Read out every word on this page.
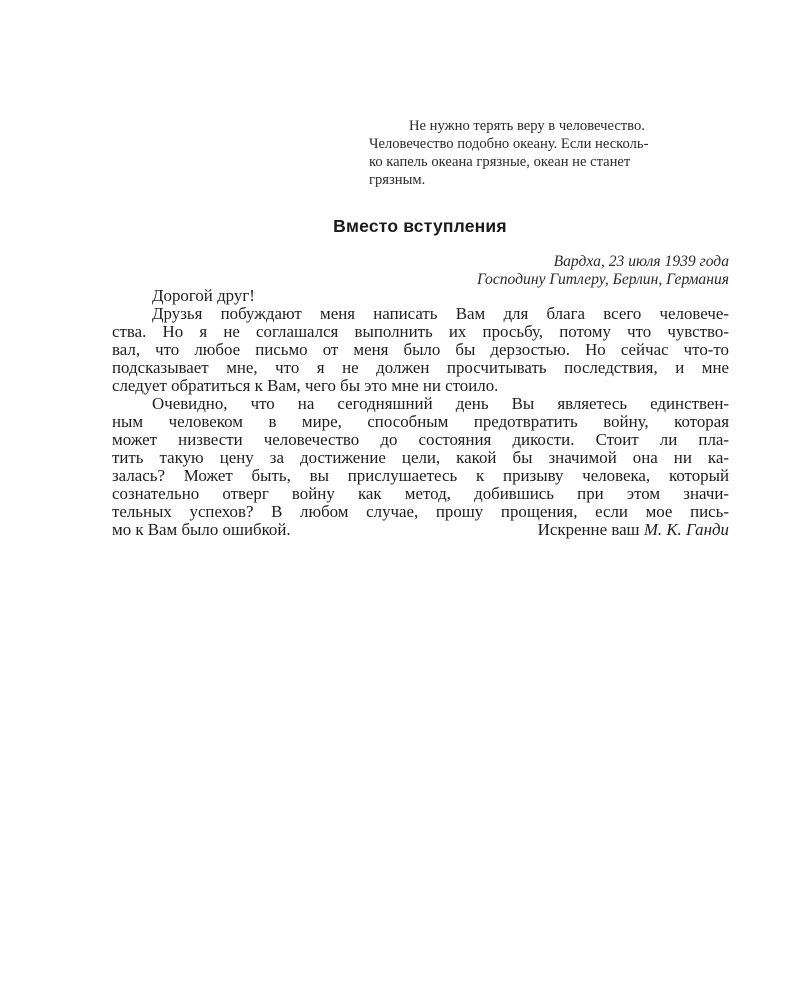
Не нужно терять веру в человечество.
Человечество подобно океану. Если несколь-
ко капель океана грязные, океан не станет
грязным.
Вместо вступления
Вардха, 23 июля 1939 года
Господину Гитлеру, Берлин, Германия
Дорогой друг!
Друзья побуждают меня написать Вам для блага всего человече-
ства. Но я не соглашался выполнить их просьбу, потому что чувство-
вал, что любое письмо от меня было бы дерзостью. Но сейчас что-то
подсказывает мне, что я не должен просчитывать последствия, и мне
следует обратиться к Вам, чего бы это мне ни стоило.
Очевидно, что на сегодняшний день Вы являетесь единствен-
ным человеком в мире, способным предотвратить войну, которая
может низвести человечество до состояния дикости. Стоит ли пла-
тить такую цену за достижение цели, какой бы значимой она ни ка-
залась? Может быть, вы прислушаетесь к призыву человека, который
сознательно отверг войну как метод, добившись при этом значи-
тельных успехов? В любом случае, прошу прощения, если мое пись-
мо к Вам было ошибкой.	Искренне ваш М. К. Ганди
